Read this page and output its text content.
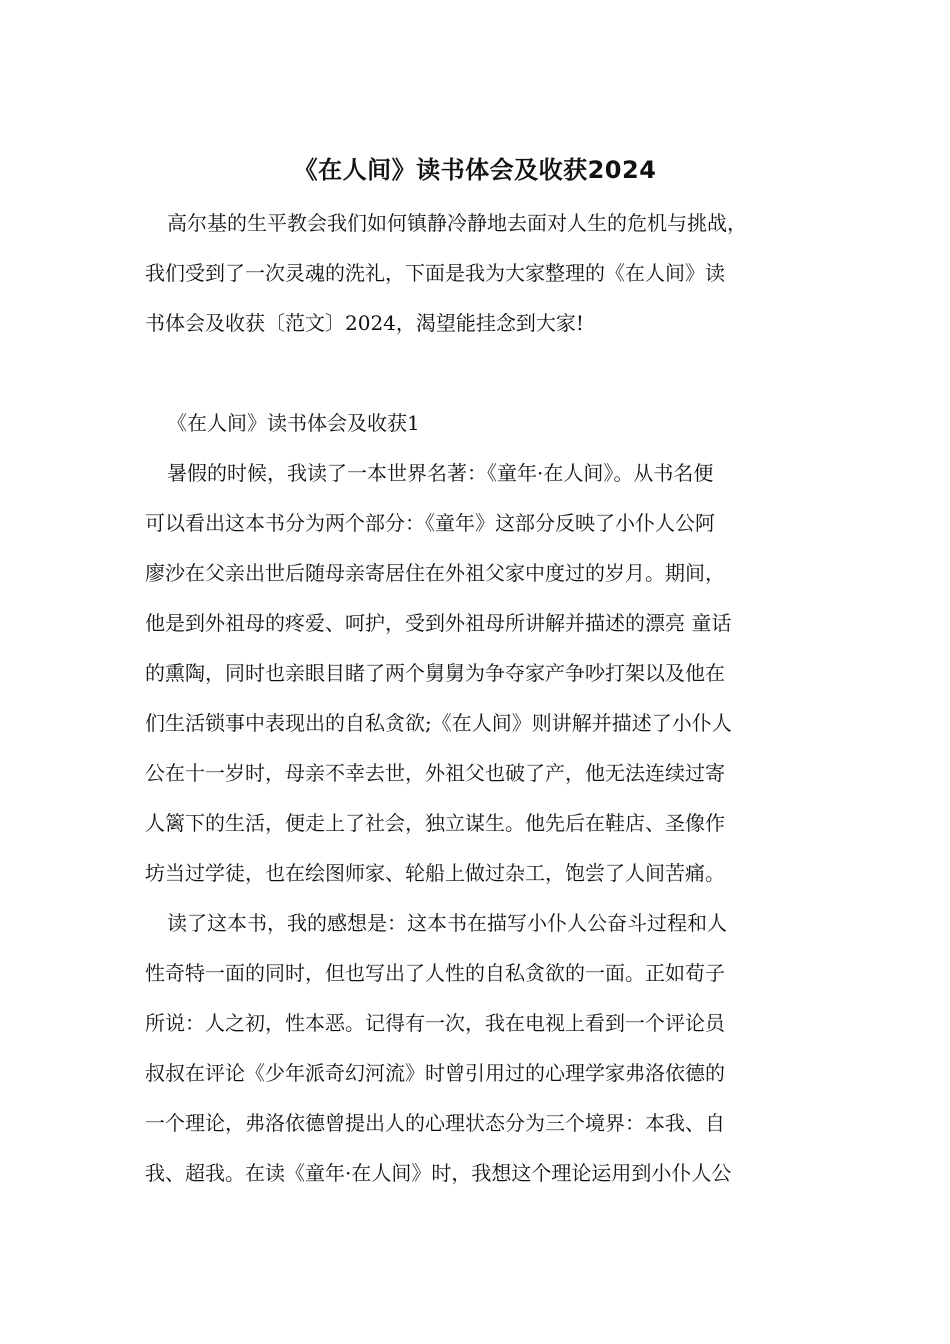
《在人间》读书体会及收获2024
高尔基的生平教会我们如何镇静冷静地去面对人生的危机与挑战，
我们受到了一次灵魂的洗礼，下面是我为大家整理的《在人间》读
书体会及收获〔范文〕2024，渴望能挂念到大家!
《在人间》读书体会及收获1
暑假的时候，我读了一本世界名著：《童年·在人间》。从书名便
可以看出这本书分为两个部分：《童年》这部分反映了小仆人公阿
廖沙在父亲出世后随母亲寄居住在外祖父家中度过的岁月。期间，
他是到外祖母的疼爱、呵护，受到外祖母所讲解并描述的漂亮 童话
的熏陶，同时也亲眼目睹了两个舅舅为争夺家产争吵打架以及他在
们生活锁事中表现出的自私贪欲;《在人间》则讲解并描述了小仆人
公在十一岁时，母亲不幸去世，外祖父也破了产，他无法连续过寄
人篱下的生活，便走上了社会，独立谋生。他先后在鞋店、圣像作
坊当过学徒，也在绘图师家、轮船上做过杂工，饱尝了人间苦痛。
读了这本书，我的感想是：这本书在描写小仆人公奋斗过程和人
性奇特一面的同时，但也写出了人性的自私贪欲的一面。正如荀子
所说：人之初，性本恶。记得有一次，我在电视上看到一个评论员
叔叔在评论《少年派奇幻河流》时曾引用过的心理学家弗洛依德的
一个理论，弗洛依德曾提出人的心理状态分为三个境界：本我、自
我、超我。在读《童年·在人间》时，我想这个理论运用到小仆人公
